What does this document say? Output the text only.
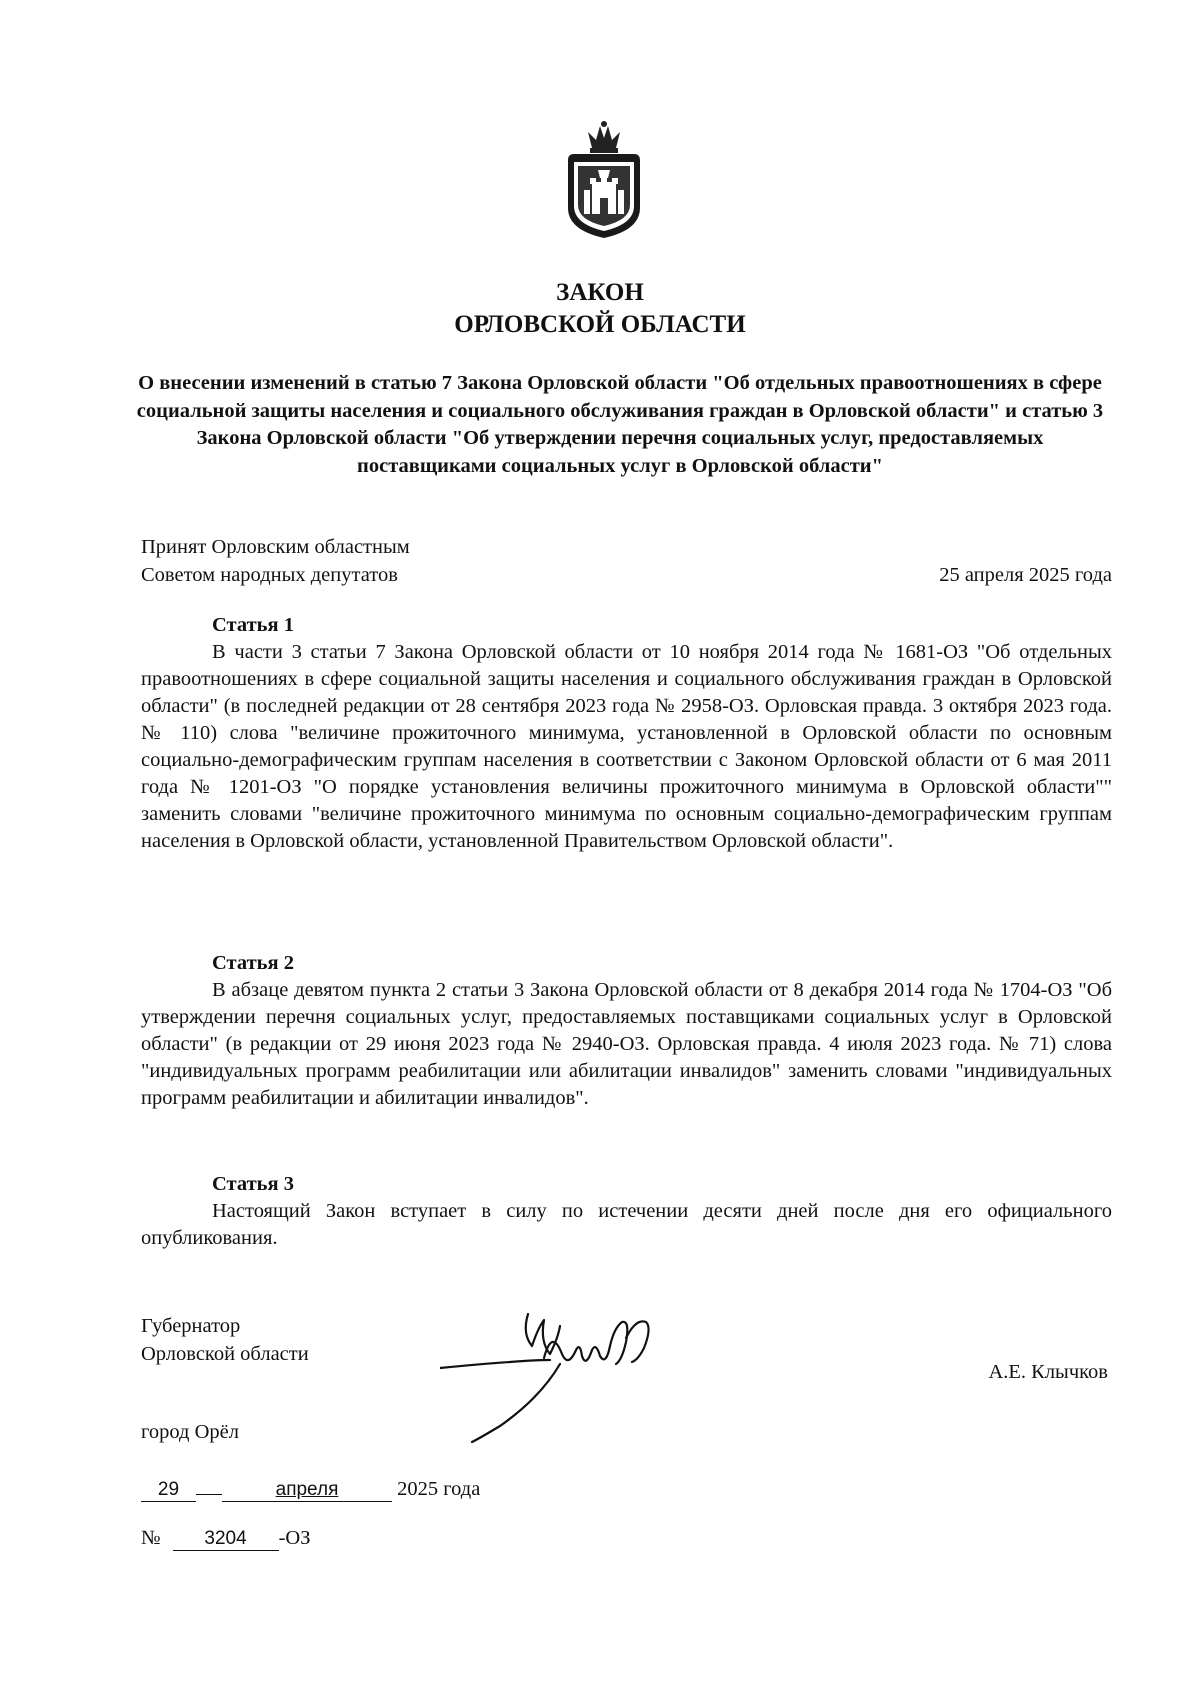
ЗАКОН
ОРЛОВСКОЙ ОБЛАСТИ
О внесении изменений в статью 7 Закона Орловской области "Об отдельных правоотношениях в сфере социальной защиты населения и социального обслуживания граждан в Орловской области" и статью 3 Закона Орловской области "Об утверждении перечня социальных услуг, предоставляемых поставщиками социальных услуг в Орловской области"
Принят Орловским областным
Советом народных депутатов	25 апреля 2025 года
Статья 1

В части 3 статьи 7 Закона Орловской области от 10 ноября 2014 года № 1681-ОЗ "Об отдельных правоотношениях в сфере социальной защиты населения и социального обслуживания граждан в Орловской области" (в последней редакции от 28 сентября 2023 года № 2958-ОЗ. Орловская правда. 3 октября 2023 года. № 110) слова "величине прожиточного минимума, установленной в Орловской области по основным социально-демографическим группам населения в соответствии с Законом Орловской области от 6 мая 2011 года № 1201-ОЗ "О порядке установления величины прожиточного минимума в Орловской области"" заменить словами "величине прожиточного минимума по основным социально-демографическим группам населения в Орловской области, установленной Правительством Орловской области".

Статья 2

В абзаце девятом пункта 2 статьи 3 Закона Орловской области от 8 декабря 2014 года № 1704-ОЗ "Об утверждении перечня социальных услуг, предоставляемых поставщиками социальных услуг в Орловской области" (в редакции от 29 июня 2023 года № 2940-ОЗ. Орловская правда. 4 июля 2023 года. № 71) слова "индивидуальных программ реабилитации или абилитации инвалидов" заменить словами "индивидуальных программ реабилитации и абилитации инвалидов".

Статья 3

Настоящий Закон вступает в силу по истечении десяти дней после дня его официального опубликования.

Губернатор
Орловской области
А.Е. Клычков
город Орёл
29	апреля	2025 года
№ 3204 -ОЗ
